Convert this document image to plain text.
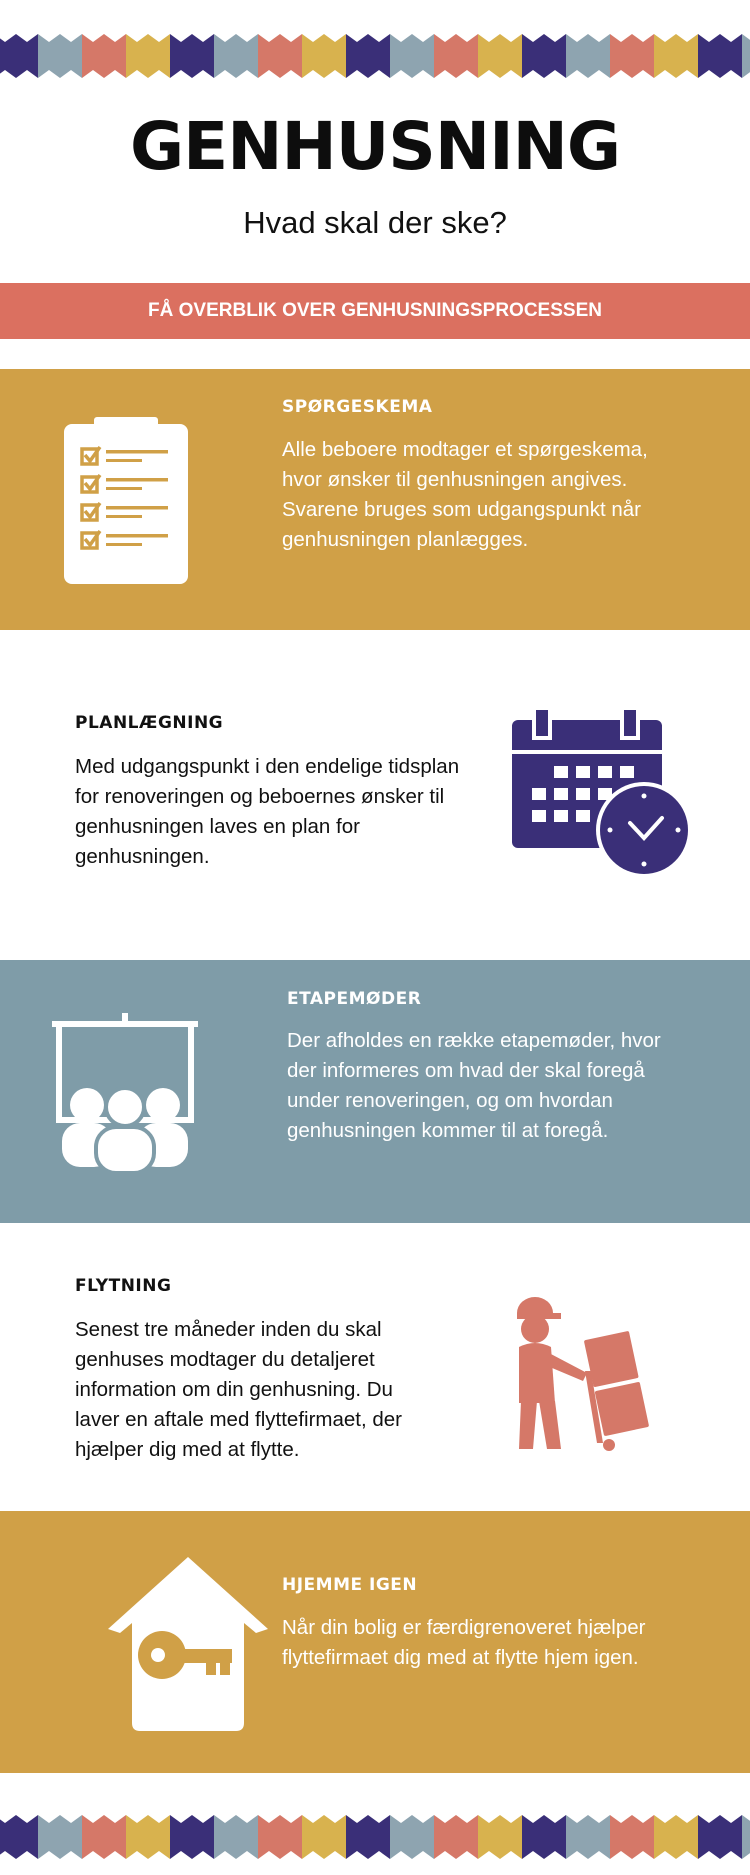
GENHUSNING
Hvad skal der ske?
FÅ OVERBLIK OVER GENHUSNINGSPROCESSEN
SPØRGESKEMA
Alle beboere modtager et spørgeskema, hvor ønsker til genhusningen angives. Svarene bruges som udgangspunkt når genhusningen planlægges.
PLANLÆGNING
Med udgangspunkt i den endelige tidsplan for renoveringen og beboernes ønsker til genhusningen laves en plan for genhusningen.
ETAPEMØDER
Der afholdes en række etapemøder, hvor der informeres om hvad der skal foregå under renoveringen, og om hvordan genhusningen kommer til at foregå.
FLYTNING
Senest tre måneder inden du skal genhuses modtager du detaljeret information om din genhusning. Du laver en aftale med flyttefirmaet, der hjælper dig med at flytte.
HJEMME IGEN
Når din bolig er færdigrenoveret hjælper flyttefirmaet dig med at flytte hjem igen.
